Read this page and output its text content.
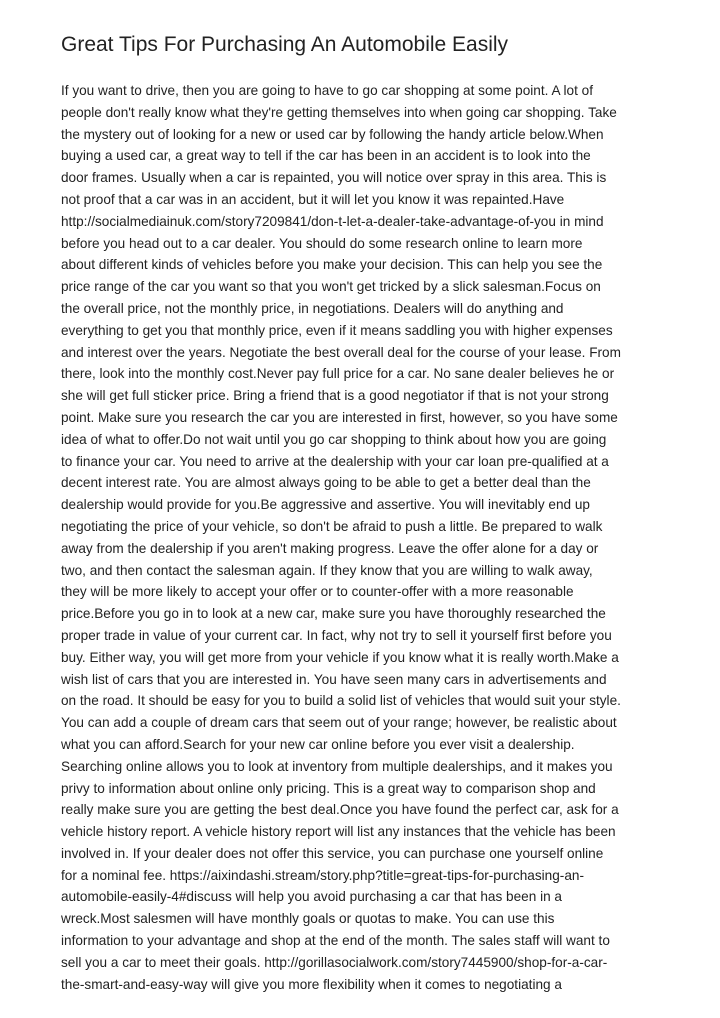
Great Tips For Purchasing An Automobile Easily
If you want to drive, then you are going to have to go car shopping at some point. A lot of
people don't really know what they're getting themselves into when going car shopping. Take
the mystery out of looking for a new or used car by following the handy article below.When
buying a used car, a great way to tell if the car has been in an accident is to look into the
door frames. Usually when a car is repainted, you will notice over spray in this area. This is
not proof that a car was in an accident, but it will let you know it was repainted.Have
http://socialmediainuk.com/story7209841/don-t-let-a-dealer-take-advantage-of-you in mind
before you head out to a car dealer. You should do some research online to learn more
about different kinds of vehicles before you make your decision. This can help you see the
price range of the car you want so that you won't get tricked by a slick salesman.Focus on
the overall price, not the monthly price, in negotiations. Dealers will do anything and
everything to get you that monthly price, even if it means saddling you with higher expenses
and interest over the years. Negotiate the best overall deal for the course of your lease. From
there, look into the monthly cost.Never pay full price for a car. No sane dealer believes he or
she will get full sticker price. Bring a friend that is a good negotiator if that is not your strong
point. Make sure you research the car you are interested in first, however, so you have some
idea of what to offer.Do not wait until you go car shopping to think about how you are going
to finance your car. You need to arrive at the dealership with your car loan pre-qualified at a
decent interest rate. You are almost always going to be able to get a better deal than the
dealership would provide for you.Be aggressive and assertive. You will inevitably end up
negotiating the price of your vehicle, so don't be afraid to push a little. Be prepared to walk
away from the dealership if you aren't making progress. Leave the offer alone for a day or
two, and then contact the salesman again. If they know that you are willing to walk away,
they will be more likely to accept your offer or to counter-offer with a more reasonable
price.Before you go in to look at a new car, make sure you have thoroughly researched the
proper trade in value of your current car. In fact, why not try to sell it yourself first before you
buy. Either way, you will get more from your vehicle if you know what it is really worth.Make a
wish list of cars that you are interested in. You have seen many cars in advertisements and
on the road. It should be easy for you to build a solid list of vehicles that would suit your style.
You can add a couple of dream cars that seem out of your range; however, be realistic about
what you can afford.Search for your new car online before you ever visit a dealership.
Searching online allows you to look at inventory from multiple dealerships, and it makes you
privy to information about online only pricing. This is a great way to comparison shop and
really make sure you are getting the best deal.Once you have found the perfect car, ask for a
vehicle history report. A vehicle history report will list any instances that the vehicle has been
involved in. If your dealer does not offer this service, you can purchase one yourself online
for a nominal fee. https://aixindashi.stream/story.php?title=great-tips-for-purchasing-an-
automobile-easily-4#discuss will help you avoid purchasing a car that has been in a
wreck.Most salesmen will have monthly goals or quotas to make. You can use this
information to your advantage and shop at the end of the month. The sales staff will want to
sell you a car to meet their goals. http://gorillasocialwork.com/story7445900/shop-for-a-car-
the-smart-and-easy-way will give you more flexibility when it comes to negotiating a
